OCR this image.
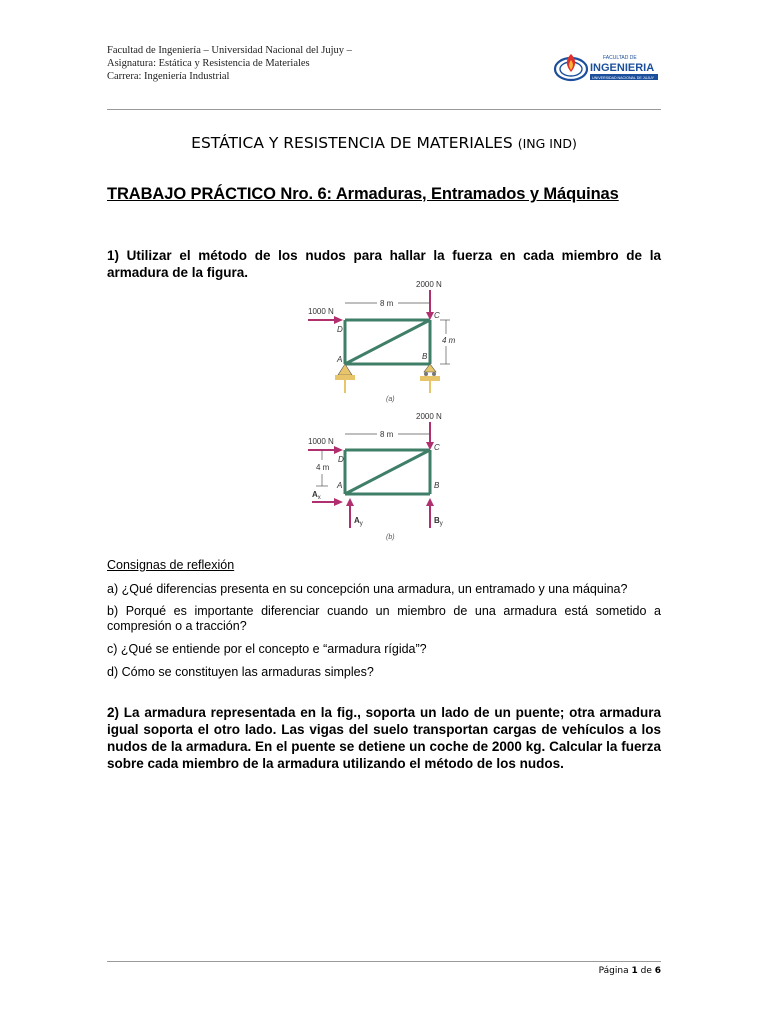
Facultad de Ingeniería – Universidad Nacional del Jujuy –
Asignatura: Estática y Resistencia de Materiales
Carrera: Ingeniería Industrial
FACULTAD DE
INGENIERIA
UNIVERSIDAD NACIONAL DE JUJUY
ESTÁTICA Y RESISTENCIA DE MATERIALES (ING IND)
TRABAJO PRÁCTICO Nro. 6: Armaduras, Entramados y Máquinas
1) Utilizar el método de los nudos para hallar la fuerza en cada miembro de la armadura de la figura.
2000 N
1000 N
8 m
4 m
D
C
A	B
(a)
2000 N
1000 N
8 m
4 m
D
C
A	B
$A_x$
$A_y$	$B_y$
(b)
Consignas de reflexión
a) ¿Qué diferencias presenta en su concepción una armadura, un entramado y una máquina?
b) Porqué es importante diferenciar cuando un miembro de una armadura está sometido a compresión o a tracción?
c) ¿Qué se entiende por el concepto e “armadura rígida”?
d) Cómo se constituyen las armaduras simples?
2) La armadura representada en la fig., soporta un lado de un puente; otra armadura igual soporta el otro lado. Las vigas del suelo transportan cargas de vehículos a los nudos de la armadura. En el puente se detiene un coche de 2000 kg. Calcular la fuerza sobre cada miembro de la armadura utilizando el método de los nudos.
Página 1 de 6
